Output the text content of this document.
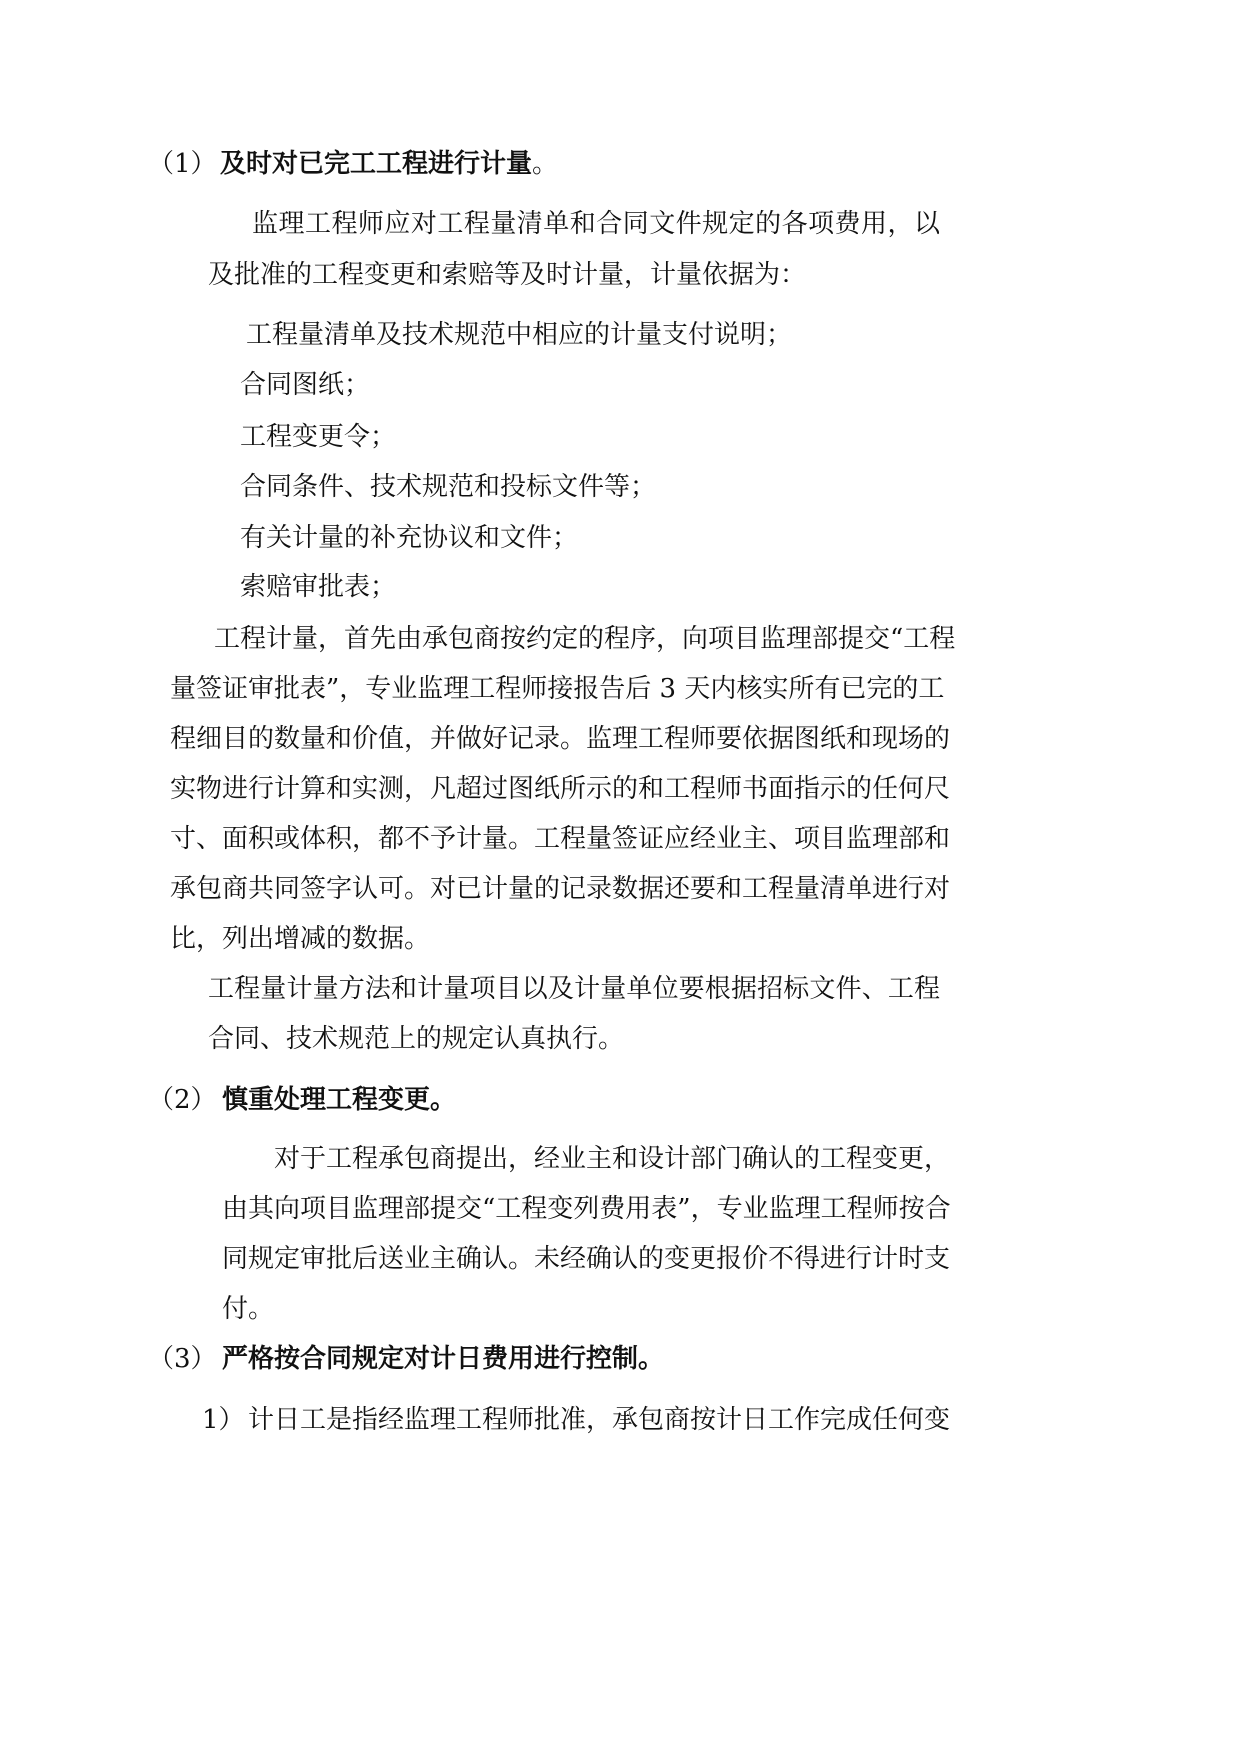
（1） 及时对已完工工程进行计量。
监理工程师应对工程量清单和合同文件规定的各项费用，以
及批准的工程变更和索赔等及时计量，计量依据为：
工程量清单及技术规范中相应的计量支付说明；
合同图纸；
工程变更令；
合同条件、技术规范和投标文件等；
有关计量的补充协议和文件；
索赔审批表；
工程计量，首先由承包商按约定的程序，向项目监理部提交“工程
量签证审批表”，专业监理工程师接报告后 3 天内核实所有已完的工
程细目的数量和价值，并做好记录。监理工程师要依据图纸和现场的
实物进行计算和实测，凡超过图纸所示的和工程师书面指示的任何尺
寸、面积或体积，都不予计量。工程量签证应经业主、项目监理部和
承包商共同签字认可。对已计量的记录数据还要和工程量清单进行对
比，列出增减的数据。
工程量计量方法和计量项目以及计量单位要根据招标文件、工程
合同、技术规范上的规定认真执行。
（2） 慎重处理工程变更。
对于工程承包商提出，经业主和设计部门确认的工程变更，
由其向项目监理部提交“工程变列费用表”，专业监理工程师按合
同规定审批后送业主确认。未经确认的变更报价不得进行计时支
付。
（3） 严格按合同规定对计日费用进行控制。
1） 计日工是指经监理工程师批准，承包商按计日工作完成任何变
